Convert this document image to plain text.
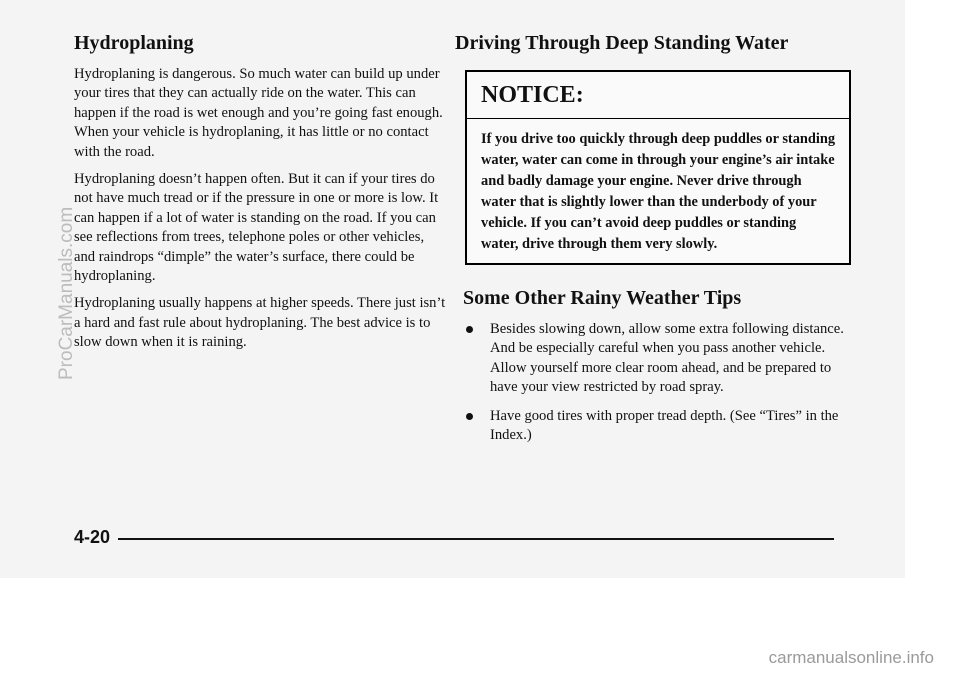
Hydroplaning

Hydroplaning is dangerous. So much water can build up under your tires that they can actually ride on the water. This can happen if the road is wet enough and you’re going fast enough. When your vehicle is hydroplaning, it has little or no contact with the road.

Hydroplaning doesn’t happen often. But it can if your tires do not have much tread or if the pressure in one or more is low. It can happen if a lot of water is standing on the road. If you can see reflections from trees, telephone poles or other vehicles, and raindrops “dimple” the water’s surface, there could be hydroplaning.

Hydroplaning usually happens at higher speeds. There just isn’t a hard and fast rule about hydroplaning. The best advice is to slow down when it is raining.

Driving Through Deep Standing Water
NOTICE:
If you drive too quickly through deep puddles or standing water, water can come in through your engine’s air intake and badly damage your engine. Never drive through water that is slightly lower than the underbody of your vehicle. If you can’t avoid deep puddles or standing water, drive through them very slowly.
Some Other Rainy Weather Tips
Besides slowing down, allow some extra following distance. And be especially careful when you pass another vehicle. Allow yourself more clear room ahead, and be prepared to have your view restricted by road spray.
Have good tires with proper tread depth. (See “Tires” in the Index.)
4-20
ProCarManuals.com
carmanualsonline.info
